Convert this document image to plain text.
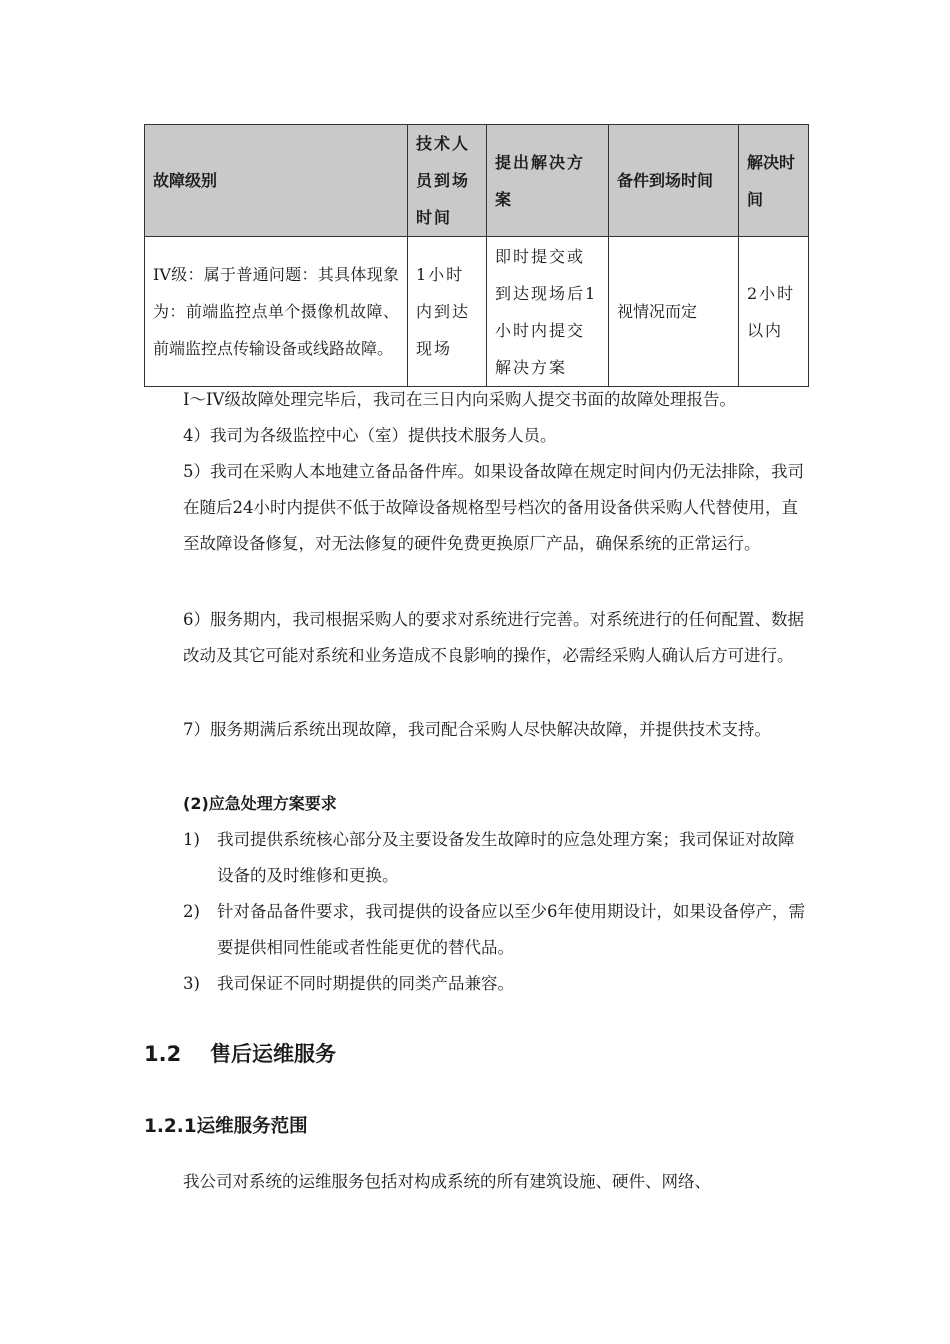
故障级别	技术人员到场时间	提出解决方案	备件到场时间	解决时间
IV级：属于普通问题：其具体现象为：前端监控点单个摄像机故障、前端监控点传输设备或线路故障。	1小时内到达现场	即时提交或到达现场后1小时内提交解决方案	视情况而定	2小时以内

I～IV级故障处理完毕后，我司在三日内向采购人提交书面的故障处理报告。

4）我司为各级监控中心（室）提供技术服务人员。

5）我司在采购人本地建立备品备件库。如果设备故障在规定时间内仍无法排除，我司在随后24小时内提供不低于故障设备规格型号档次的备用设备供采购人代替使用，直至故障设备修复，对无法修复的硬件免费更换原厂产品，确保系统的正常运行。

6）服务期内，我司根据采购人的要求对系统进行完善。对系统进行的任何配置、数据改动及其它可能对系统和业务造成不良影响的操作，必需经采购人确认后方可进行。

7）服务期满后系统出现故障，我司配合采购人尽快解决故障，并提供技术支持。

(2)应急处理方案要求

1) 我司提供系统核心部分及主要设备发生故障时的应急处理方案；我司保证对故障设备的及时维修和更换。
2) 针对备品备件要求，我司提供的设备应以至少6年使用期设计，如果设备停产，需要提供相同性能或者性能更优的替代品。
3) 我司保证不同时期提供的同类产品兼容。
1.2 售后运维服务
1.2.1运维服务范围

我公司对系统的运维服务包括对构成系统的所有建筑设施、硬件、网络、
